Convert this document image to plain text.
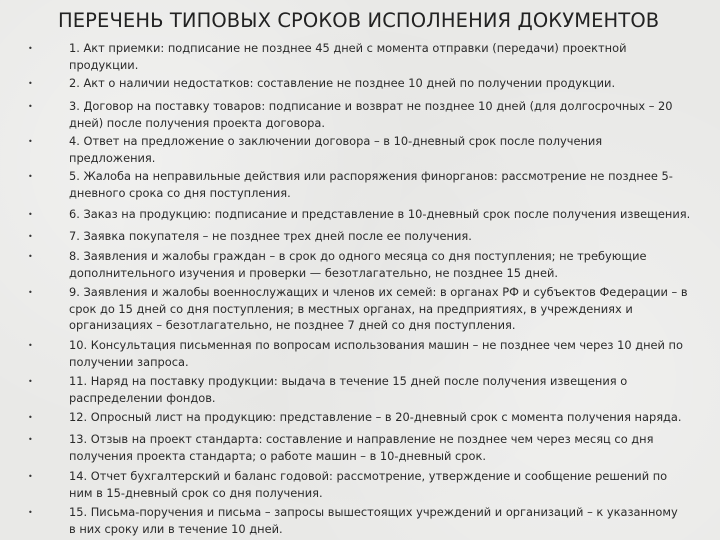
ПЕРЕЧЕНЬ ТИПОВЫХ СРОКОВ ИСПОЛНЕНИЯ ДОКУМЕНТОВ
•	1. Акт приемки: подписание не позднее 45 дней с момента отправки (передачи) проектной
продукции.
•	2. Акт о наличии недостатков: составление не позднее 10 дней по получении продукции.
•	3. Договор на поставку товаров: подписание и возврат не позднее 10 дней (для долгосрочных – 20
дней) после получения проекта договора.
•	4. Ответ на предложение о заключении договора – в 10-дневный срок после получения
предложения.
•	5. Жалоба на неправильные действия или распоряжения финорганов: рассмотрение не позднее 5-
дневного срока со дня поступления.
•	6. Заказ на продукцию: подписание и представление в 10-дневный срок после получения извещения.
•	7. Заявка покупателя – не позднее трех дней после ее получения.
•	8. Заявления и жалобы граждан – в срок до одного месяца со дня поступления; не требующие
дополнительного изучения и проверки — безотлагательно, не позднее 15 дней.
•	9. Заявления и жалобы военнослужащих и членов их семей: в органах РФ и субъектов Федерации – в
срок до 15 дней со дня поступления; в местных органах, на предприятиях, в учреждениях и
организациях – безотлагательно, не позднее 7 дней со дня поступления.
•	10. Консультация письменная по вопросам использования машин – не позднее чем через 10 дней по
получении запроса.
•	11. Наряд на поставку продукции: выдача в течение 15 дней после получения извещения о
распределении фондов.
•	12. Опросный лист на продукцию: представление – в 20-дневный срок с момента получения наряда.
•	13. Отзыв на проект стандарта: составление и направление не позднее чем через месяц со дня
получения проекта стандарта; о работе машин – в 10-дневный срок.
•	14. Отчет бухгалтерский и баланс годовой: рассмотрение, утверждение и сообщение решений по
ним в 15-дневный срок со дня получения.
•	15. Письма-поручения и письма – запросы вышестоящих учреждений и организаций – к указанному
в них сроку или в течение 10 дней.
